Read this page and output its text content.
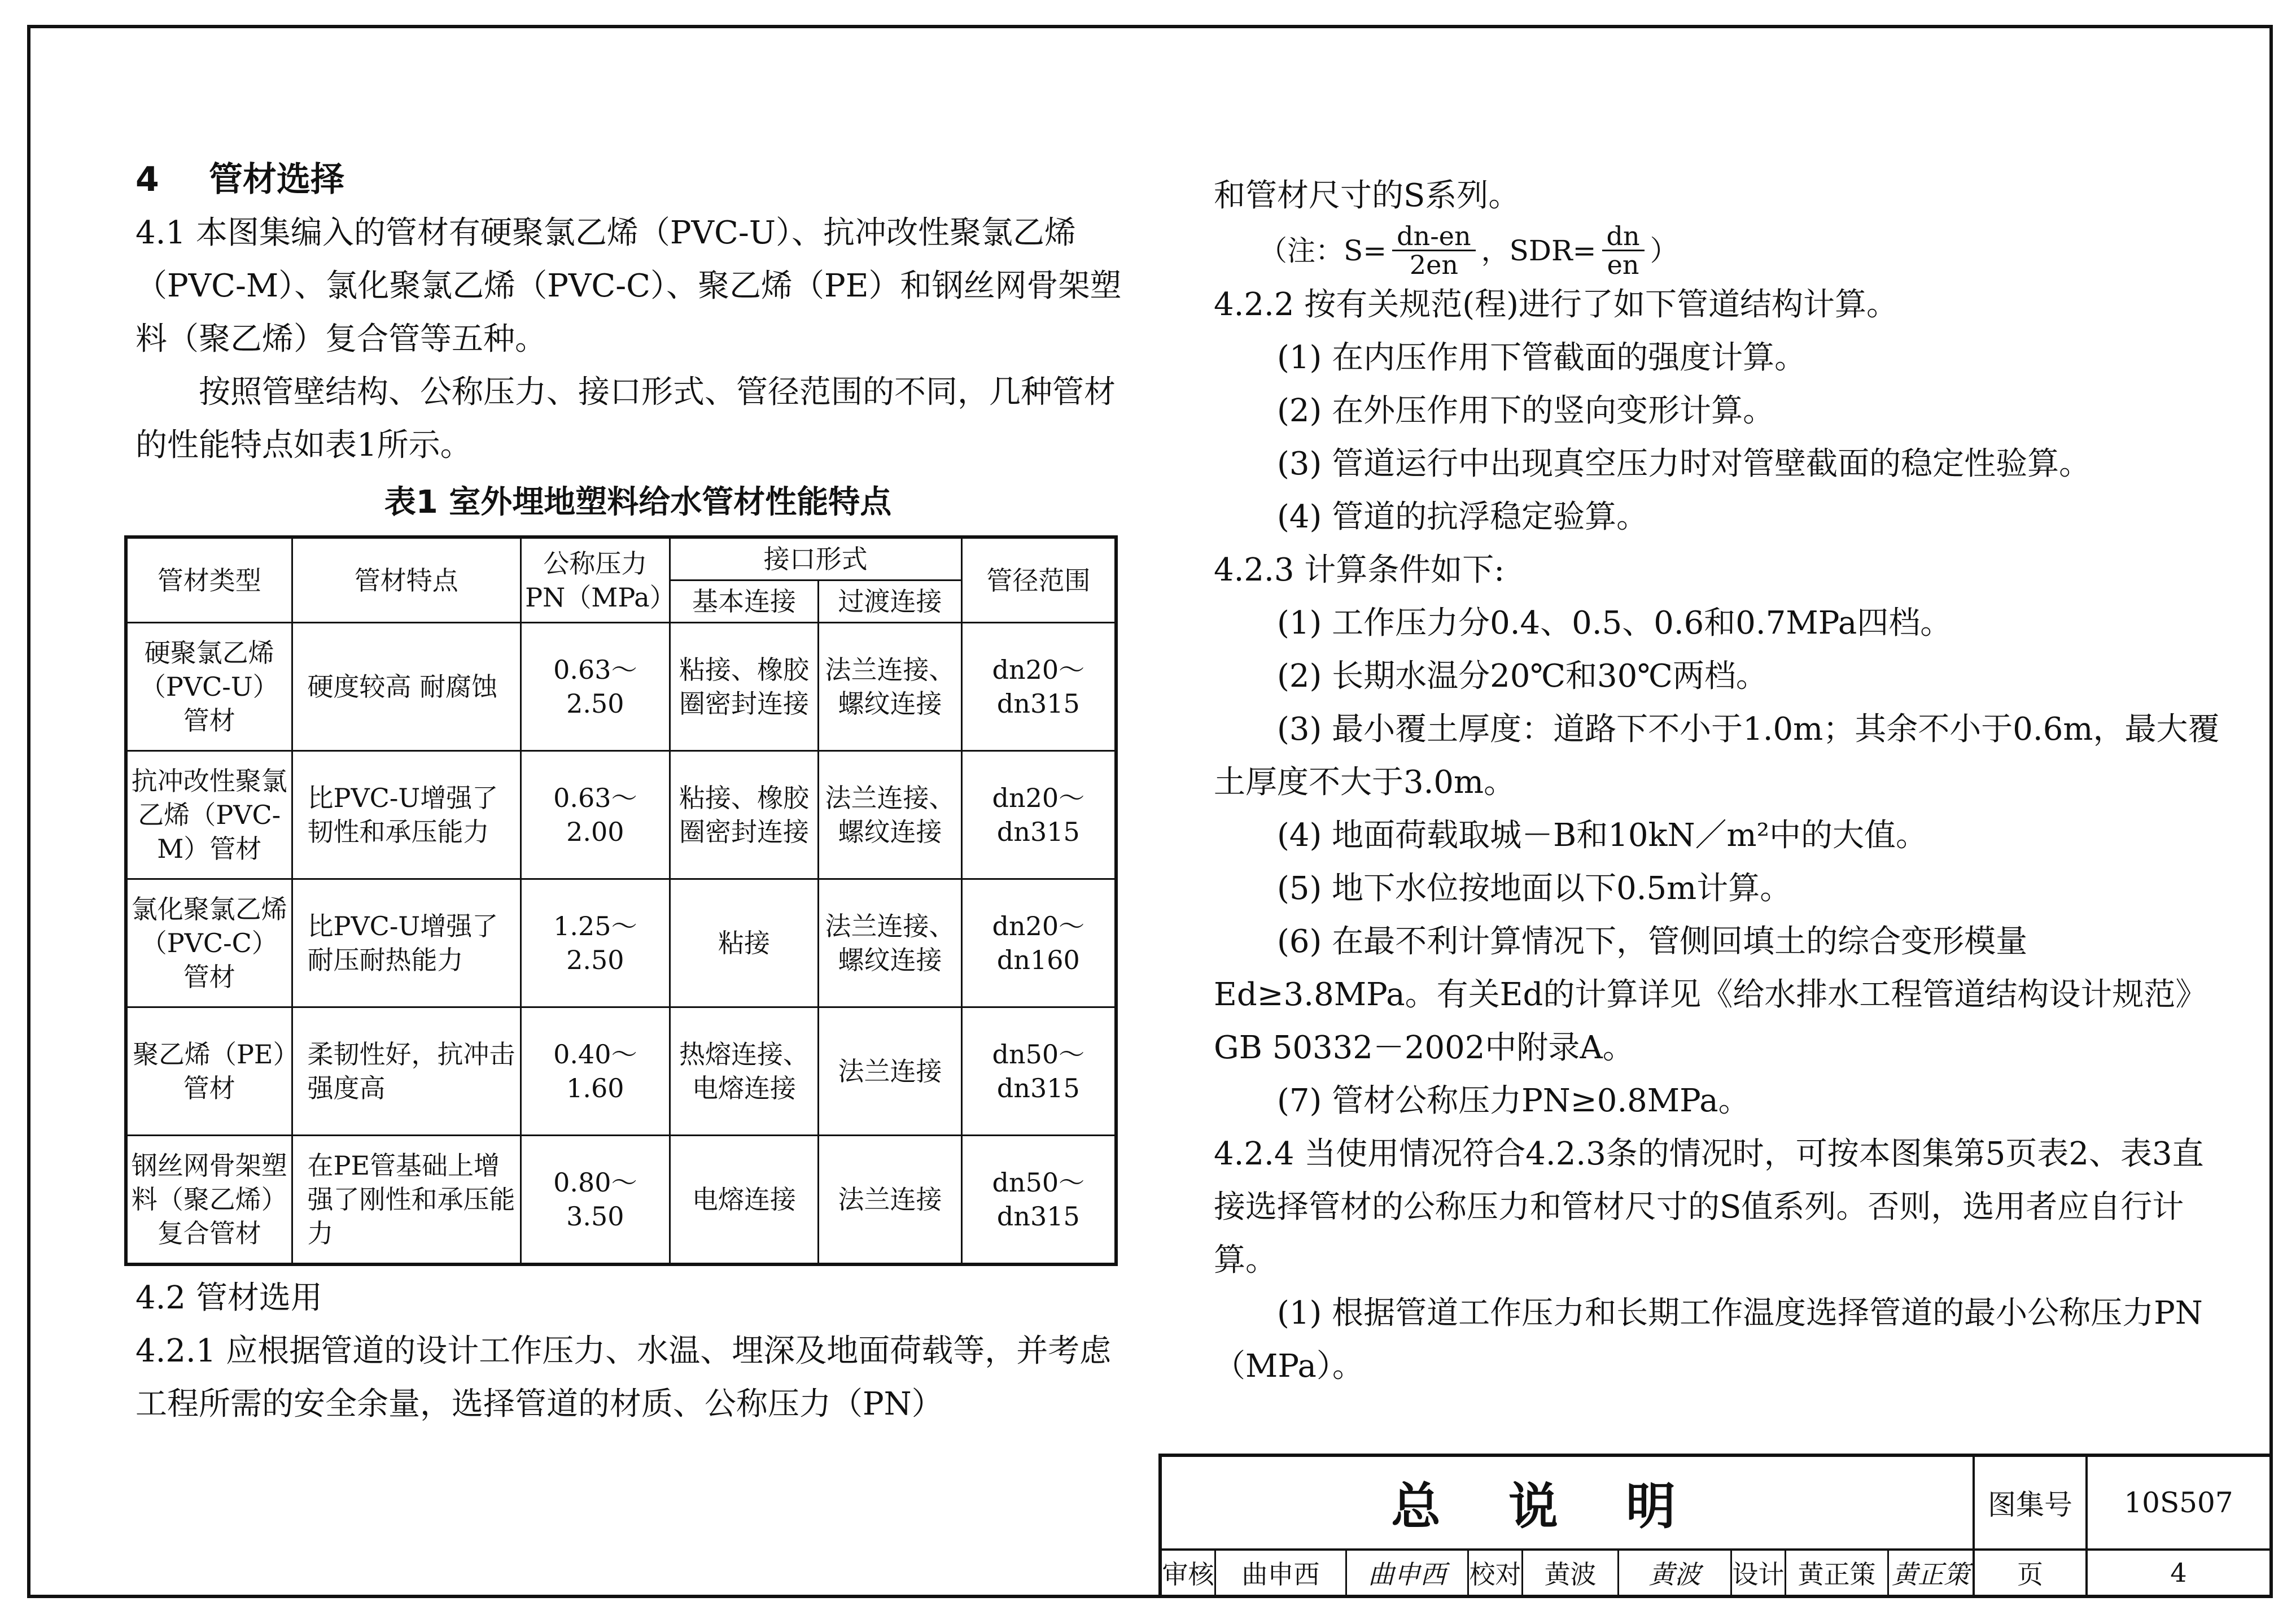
4 管材选择

4.1 本图集编入的管材有硬聚氯乙烯（PVC-U）、抗冲改性聚氯乙烯（PVC-M）、氯化聚氯乙烯（PVC-C）、聚乙烯（PE）和钢丝网骨架塑料（聚乙烯）复合管等五种。

按照管壁结构、公称压力、接口形式、管径范围的不同，几种管材的性能特点如表1所示。

表1 室外埋地塑料给水管材性能特点
管材类型	管材特点	公称压力 PN（MPa）	接口形式		管径范围
			基本连接	过渡连接	
硬聚氯乙烯（PVC-U）管材	硬度较高 耐腐蚀	0.63～2.50	粘接、橡胶圈密封连接	法兰连接、螺纹连接	dn20～dn315
抗冲改性聚氯乙烯（PVC-M）管材	比PVC-U增强了韧性和承压能力	0.63～2.00	粘接、橡胶圈密封连接	法兰连接、螺纹连接	dn20～dn315
氯化聚氯乙烯（PVC-C）管材	比PVC-U增强了耐压耐热能力	1.25～2.50	粘接	法兰连接、螺纹连接	dn20～dn160
聚乙烯（PE）管材	柔韧性好，抗冲击强度高	0.40～1.60	热熔连接、电熔连接	法兰连接	dn50～dn315
钢丝网骨架塑料（聚乙烯）复合管材	在PE管基础上增强了刚性和承压能力	0.80～3.50	电熔连接	法兰连接	dn50～dn315

4.2 管材选用

4.2.1 应根据管道的设计工作压力、水温、埋深及地面荷载等，并考虑工程所需的安全余量，选择管道的材质、公称压力（PN）

和管材尺寸的S系列。

（注：$S= \frac{dn-en}{2en}$ ，$SDR= \frac{dn}{en}$ ）

4.2.2 按有关规范(程)进行了如下管道结构计算。

(1) 在内压作用下管截面的强度计算。

(2) 在外压作用下的竖向变形计算。

(3) 管道运行中出现真空压力时对管壁截面的稳定性验算。

(4) 管道的抗浮稳定验算。

4.2.3 计算条件如下:

(1) 工作压力分0.4、0.5、0.6和0.7MPa四档。

(2) 长期水温分20℃和30℃两档。

(3) 最小覆土厚度：道路下不小于1.0m；其余不小于0.6m，最大覆土厚度不大于3.0m。

(4) 地面荷载取城－B和10kN／m²中的大值。

(5) 地下水位按地面以下0.5m计算。

(6) 在最不利计算情况下，管侧回填土的综合变形模量Ed≥3.8MPa。有关Ed的计算详见《给水排水工程管道结构设计规范》GB 50332－2002中附录A。

(7) 管材公称压力PN≥0.8MPa。

4.2.4 当使用情况符合4.2.3条的情况时，可按本图集第5页表2、表3直接选择管材的公称压力和管材尺寸的S值系列。否则，选用者应自行计算。

(1) 根据管道工作压力和长期工作温度选择管道的最小公称压力PN（MPa）。

总说明	图集号	10S507
审核	曲申西	曲申西 校对 黄波	黄波	设计 黄正策 黄正策	页	4
